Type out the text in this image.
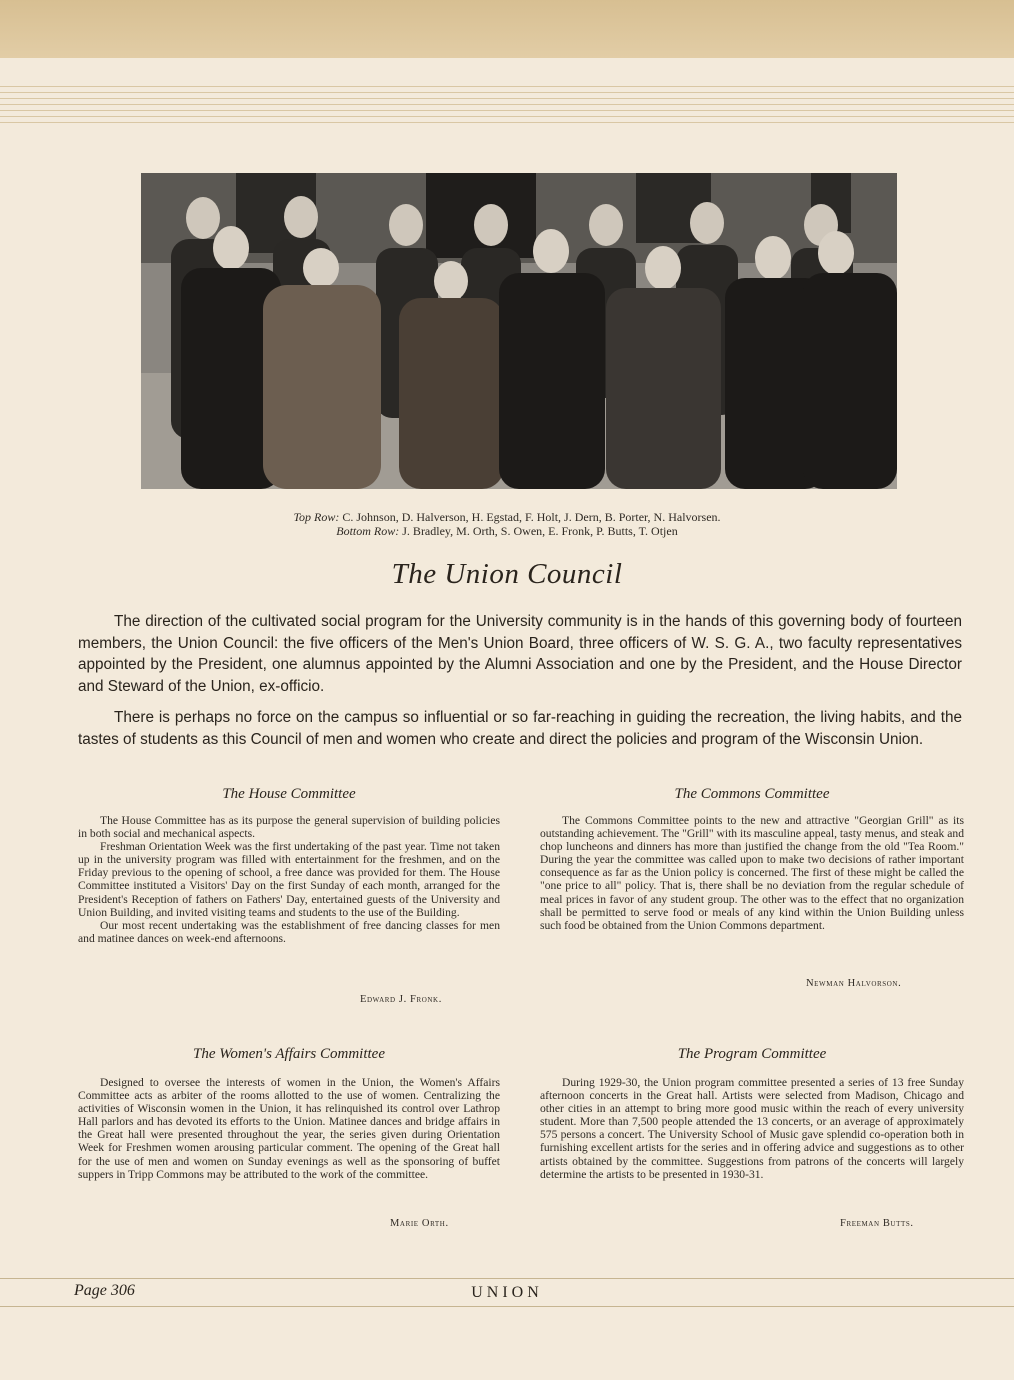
Top Row: C. Johnson, D. Halverson, H. Egstad, F. Holt, J. Dern, B. Porter, N. Halvorsen.
Bottom Row: J. Bradley, M. Orth, S. Owen, E. Fronk, P. Butts, T. Otjen
The Union Council

The direction of the cultivated social program for the University community is in the hands of this governing body of fourteen members, the Union Council: the five officers of the Men's Union Board, three officers of W. S. G. A., two faculty representatives appointed by the President, one alumnus appointed by the Alumni Association and one by the President, and the House Director and Steward of the Union, ex-officio.

There is perhaps no force on the campus so influential or so far-reaching in guiding the recreation, the living habits, and the tastes of students as this Council of men and women who create and direct the policies and program of the Wisconsin Union.

The House Committee

The House Committee has as its purpose the general supervision of building policies in both social and mechanical aspects.

Freshman Orientation Week was the first undertaking of the past year. Time not taken up in the university program was filled with entertainment for the freshmen, and on the Friday previous to the opening of school, a free dance was provided for them. The House Committee instituted a Visitors' Day on the first Sunday of each month, arranged for the President's Reception of fathers on Fathers' Day, entertained guests of the University and Union Building, and invited visiting teams and students to the use of the Building.

Our most recent undertaking was the establishment of free dancing classes for men and matinee dances on week-end afternoons.

Edward J. Fronk.
The Commons Committee

The Commons Committee points to the new and attractive "Georgian Grill" as its outstanding achievement. The "Grill" with its masculine appeal, tasty menus, and steak and chop luncheons and dinners has more than justified the change from the old "Tea Room." During the year the committee was called upon to make two decisions of rather important consequence as far as the Union policy is concerned. The first of these might be called the "one price to all" policy. That is, there shall be no deviation from the regular schedule of meal prices in favor of any student group. The other was to the effect that no organization shall be permitted to serve food or meals of any kind within the Union Building unless such food be obtained from the Union Commons department.

Newman Halvorson.
The Women's Affairs Committee

Designed to oversee the interests of women in the Union, the Women's Affairs Committee acts as arbiter of the rooms allotted to the use of women. Centralizing the activities of Wisconsin women in the Union, it has relinquished its control over Lathrop Hall parlors and has devoted its efforts to the Union. Matinee dances and bridge affairs in the Great hall were presented throughout the year, the series given during Orientation Week for Freshmen women arousing particular comment. The opening of the Great hall for the use of men and women on Sunday evenings as well as the sponsoring of buffet suppers in Tripp Commons may be attributed to the work of the committee.

Marie Orth.
The Program Committee

During 1929-30, the Union program committee presented a series of 13 free Sunday afternoon concerts in the Great hall. Artists were selected from Madison, Chicago and other cities in an attempt to bring more good music within the reach of every university student. More than 7,500 people attended the 13 concerts, or an average of approximately 575 persons a concert. The University School of Music gave splendid co-operation both in furnishing excellent artists for the series and in offering advice and suggestions as to other artists obtained by the committee. Suggestions from patrons of the concerts will largely determine the artists to be presented in 1930-31.

Freeman Butts.
Page 306	UNION
